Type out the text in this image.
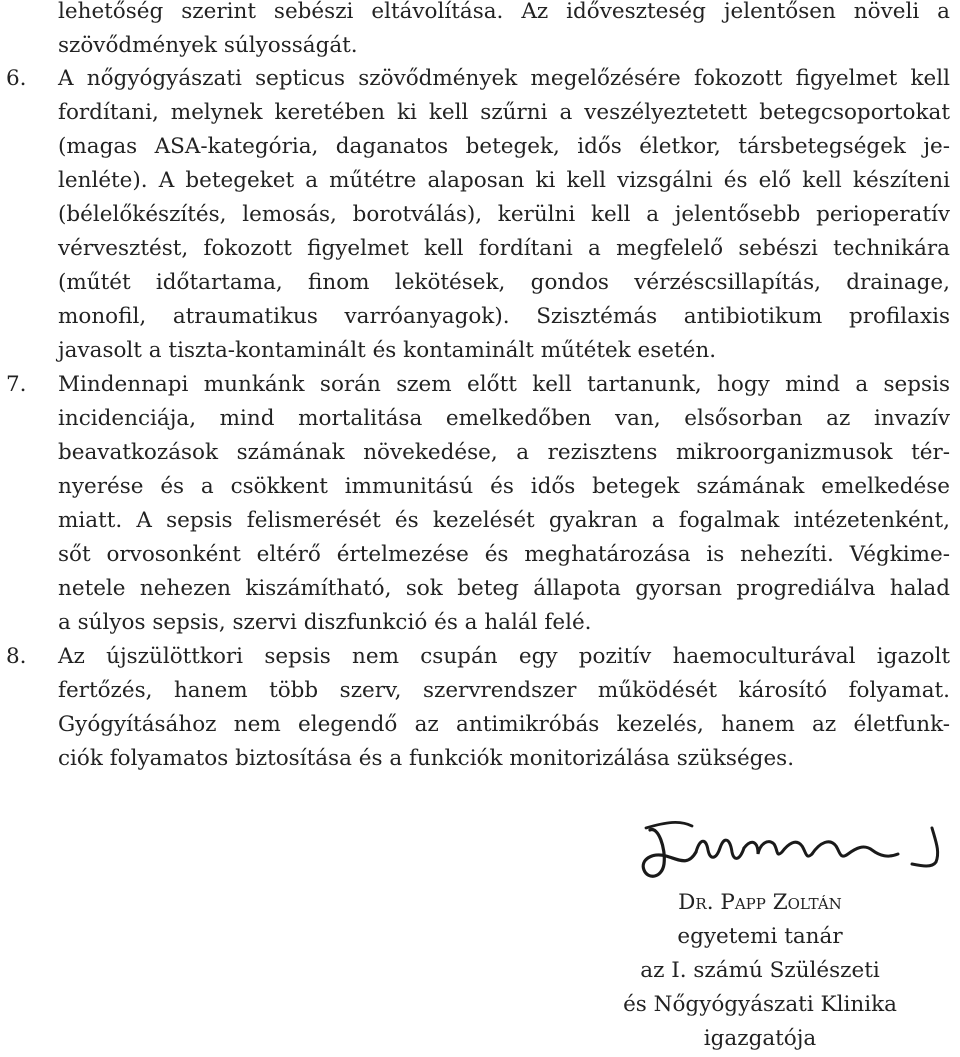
lehetőség szerint sebészi eltávolítása. Az időveszteség jelentősen növeli a
szövődmények súlyosságát.
6.	A nőgyógyászati septicus szövődmények megelőzésére fokozott figyelmet kell
fordítani, melynek keretében ki kell szűrni a veszélyeztetett betegcsoportokat
(magas ASA-kategória, daganatos betegek, idős életkor, társbetegségek je-
lenléte). A betegeket a műtétre alaposan ki kell vizsgálni és elő kell készíteni
(bélelőkészítés, lemosás, borotválás), kerülni kell a jelentősebb perioperatív
vérvesztést, fokozott figyelmet kell fordítani a megfelelő sebészi technikára
(műtét időtartama, finom lekötések, gondos vérzéscsillapítás, drainage,
monofil, atraumatikus varróanyagok). Szisztémás antibiotikum profilaxis
javasolt a tiszta-kontaminált és kontaminált műtétek esetén.
7.	Mindennapi munkánk során szem előtt kell tartanunk, hogy mind a sepsis
incidenciája, mind mortalitása emelkedőben van, elsősorban az invazív
beavatkozások számának növekedése, a rezisztens mikroorganizmusok tér-
nyerése és a csökkent immunitású és idős betegek számának emelkedése
miatt. A sepsis felismerését és kezelését gyakran a fogalmak intézetenként,
sőt orvosonként eltérő értelmezése és meghatározása is nehezíti. Végkime-
netele nehezen kiszámítható, sok beteg állapota gyorsan progrediálva halad
a súlyos sepsis, szervi diszfunkció és a halál felé.
8.	Az újszülöttkori sepsis nem csupán egy pozitív haemoculturával igazolt
fertőzés, hanem több szerv, szervrendszer működését károsító folyamat.
Gyógyításához nem elegendő az antimikróbás kezelés, hanem az életfunk-
ciók folyamatos biztosítása és a funkciók monitorizálása szükséges.
Dr. Papp Zoltán
egyetemi tanár
az I. számú Szülészeti
és Nőgyógyászati Klinika
igazgatója
